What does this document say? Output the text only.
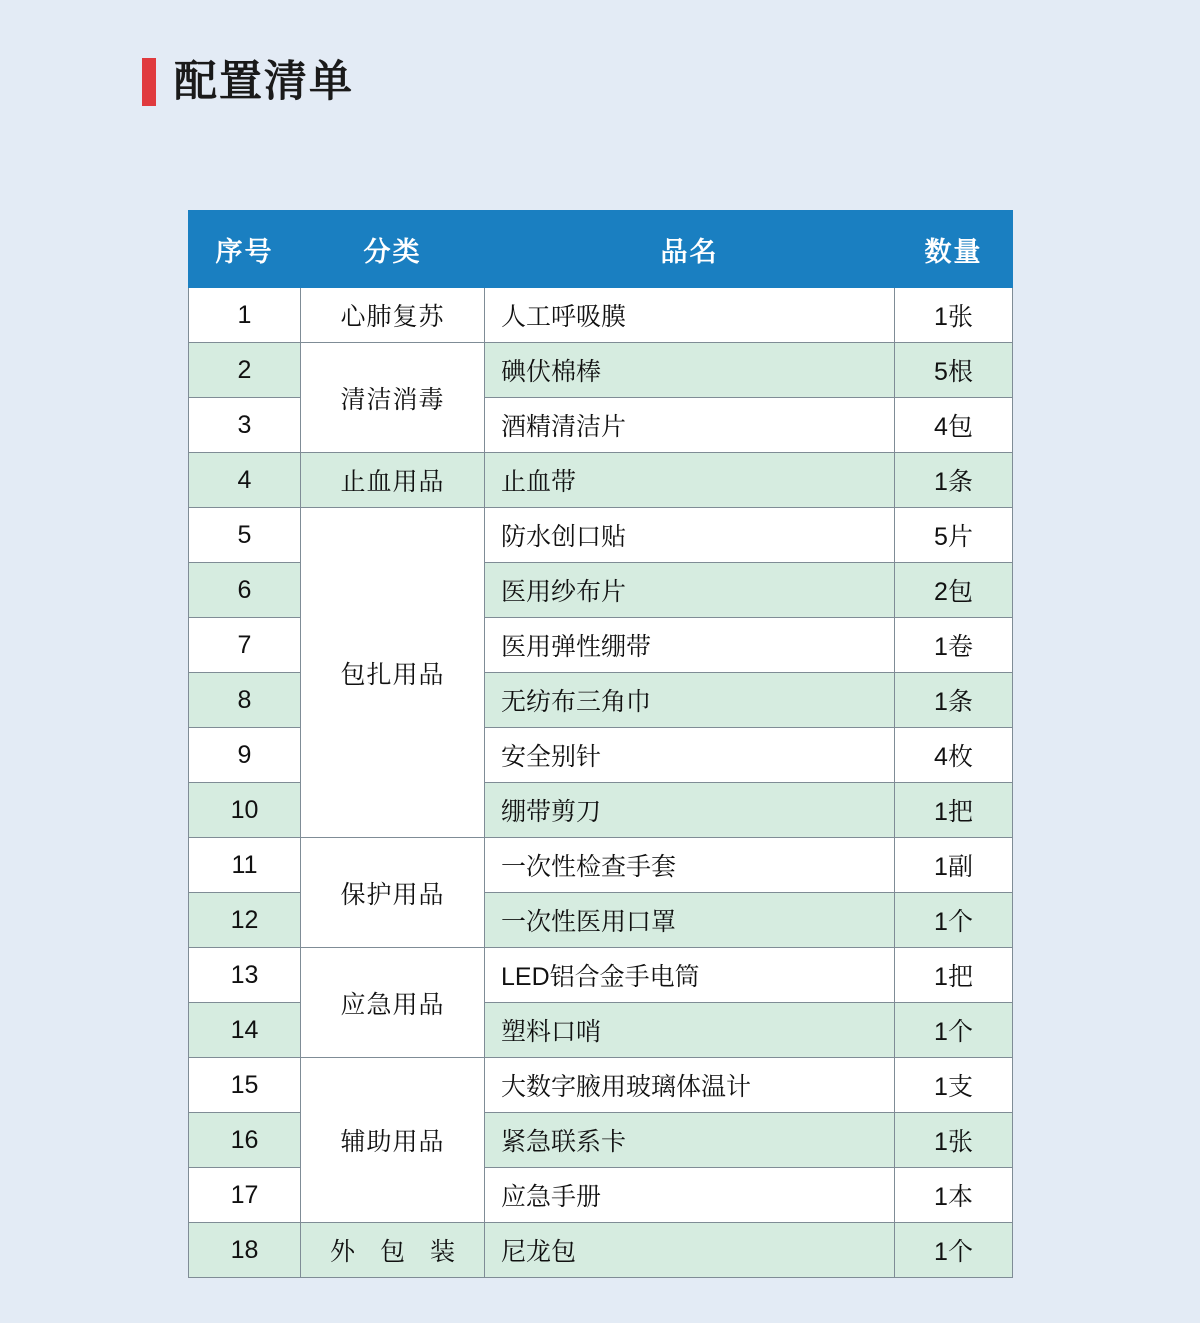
配置清单
序号	分类	品名	数量
1	心肺复苏	人工呼吸膜	1张
2	清洁消毒	碘伏棉棒	5根
3		酒精清洁片	4包
4	止血用品	止血带	1条
5	包扎用品	防水创口贴	5片
6		医用纱布片	2包
7		医用弹性绷带	1卷
8		无纺布三角巾	1条
9		安全别针	4枚
10		绷带剪刀	1把
11	保护用品	一次性检查手套	1副
12		一次性医用口罩	1个
13	应急用品	LED铝合金手电筒	1把
14		塑料口哨	1个
15	辅助用品	大数字腋用玻璃体温计	1支
16		紧急联系卡	1张
17		应急手册	1本
18	外 包 装	尼龙包	1个
